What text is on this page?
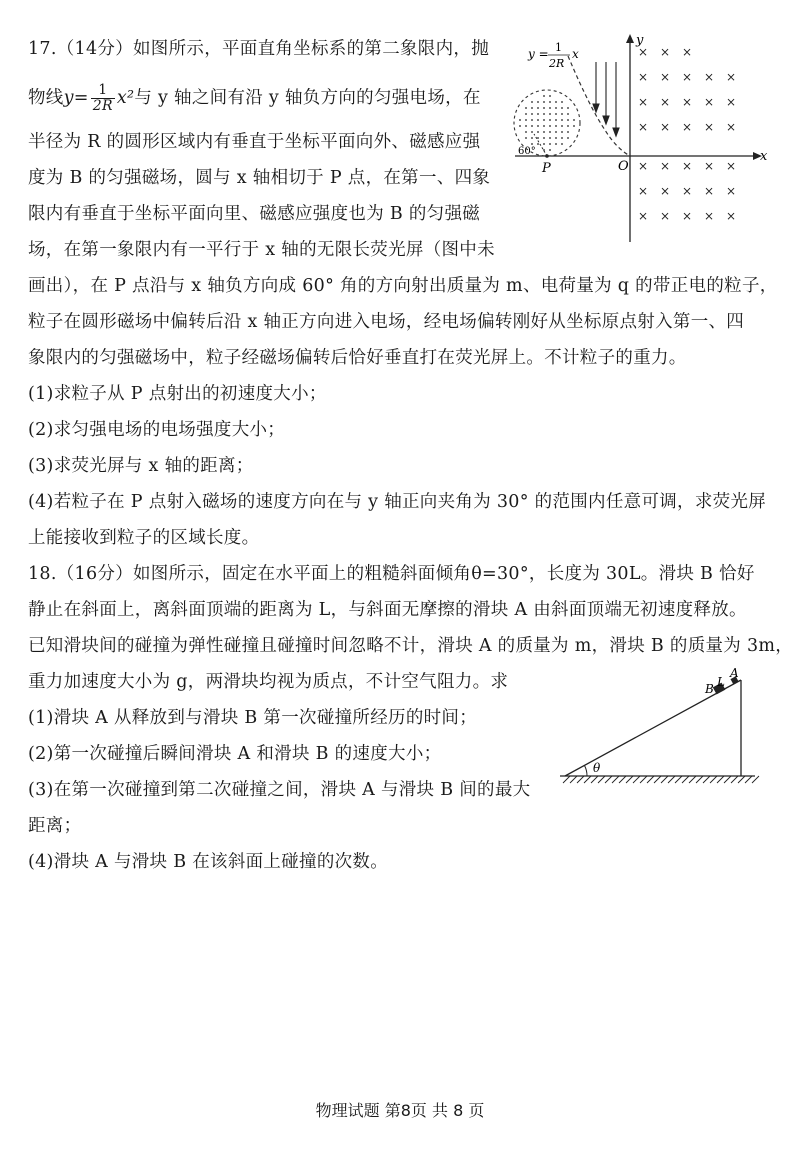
17.（14分）如图所示，平面直角坐标系的第二象限内，抛
物线$y= \frac{1}{2R} x^2$与 y 轴之间有沿 y 轴负方向的匀强电场，在
半径为 R 的圆形区域内有垂直于坐标平面向外、磁感应强
度为 B 的匀强磁场，圆与 x 轴相切于 P 点，在第一、四象
限内有垂直于坐标平面向里、磁感应强度也为 B 的匀强磁
场，在第一象限内有一平行于 x 轴的无限长荧光屏（图中未
画出），在 P 点沿与 x 轴负方向成 60° 角的方向射出质量为 m、电荷量为 q 的带正电的粒子，
粒子在圆形磁场中偏转后沿 x 轴正方向进入电场，经电场偏转刚好从坐标原点射入第一、四
象限内的匀强磁场中，粒子经磁场偏转后恰好垂直打在荧光屏上。不计粒子的重力。
(1)求粒子从 P 点射出的初速度大小；
(2)求匀强电场的电场强度大小；
(3)求荧光屏与 x 轴的距离；
(4)若粒子在 P 点射入磁场的速度方向在与 y 轴正向夹角为 30° 的范围内任意可调，求荧光屏
上能接收到粒子的区域长度。
y
x
O
y = 1
2R
x
P
60°
× × ×
× × × × ×
× × × × ×
× × × × ×
× × × × ×
× × × × ×
× × × × ×
18.（16分）如图所示，固定在水平面上的粗糙斜面倾角θ=30°，长度为 30L。滑块 B 恰好
静止在斜面上，离斜面顶端的距离为 L，与斜面无摩擦的滑块 A 由斜面顶端无初速度释放。
已知滑块间的碰撞为弹性碰撞且碰撞时间忽略不计，滑块 A 的质量为 m，滑块 B 的质量为 3m，
重力加速度大小为 g，两滑块均视为质点，不计空气阻力。求
(1)滑块 A 从释放到与滑块 B 第一次碰撞所经历的时间；
(2)第一次碰撞后瞬间滑块 A 和滑块 B 的速度大小；
(3)在第一次碰撞到第二次碰撞之间，滑块 A 与滑块 B 间的最大
距离；
(4)滑块 A 与滑块 B 在该斜面上碰撞的次数。
θ
B L
A
物理试题 第8页 共 8 页
